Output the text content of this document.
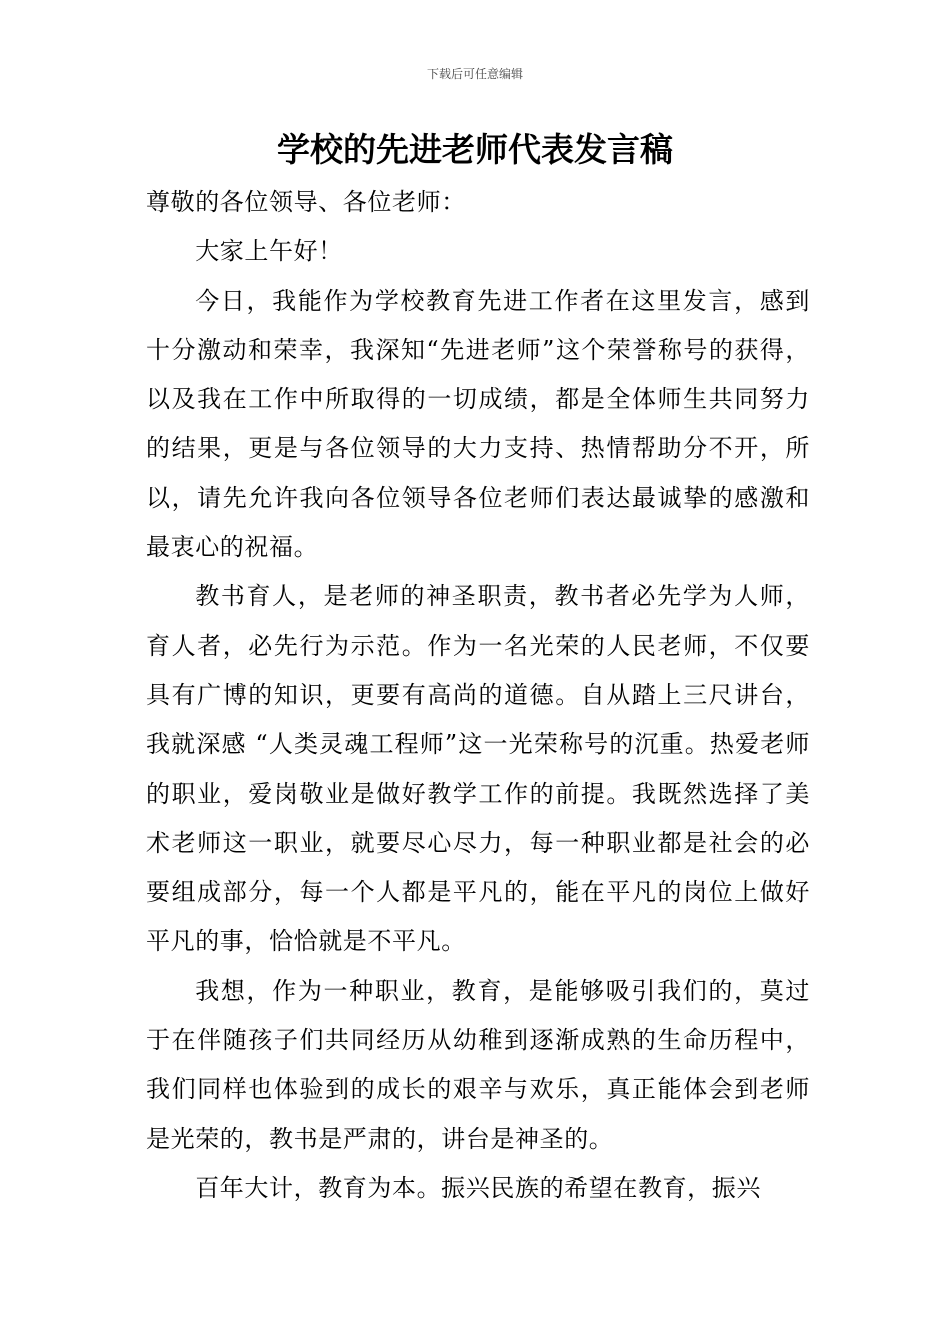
下载后可任意编辑
学校的先进老师代表发言稿

尊敬的各位领导、各位老师：

大家上午好！

今日，我能作为学校教育先进工作者在这里发言，感到十分激动和荣幸，我深知“先进老师”这个荣誉称号的获得，以及我在工作中所取得的一切成绩，都是全体师生共同努力的结果，更是与各位领导的大力支持、热情帮助分不开，所以，请先允许我向各位领导各位老师们表达最诚挚的感激和最衷心的祝福。

教书育人，是老师的神圣职责，教书者必先学为人师，育人者，必先行为示范。作为一名光荣的人民老师，不仅要具有广博的知识，更要有高尚的道德。自从踏上三尺讲台，我就深感 “人类灵魂工程师”这一光荣称号的沉重。热爱老师的职业，爱岗敬业是做好教学工作的前提。我既然选择了美术老师这一职业，就要尽心尽力，每一种职业都是社会的必要组成部分，每一个人都是平凡的，能在平凡的岗位上做好平凡的事，恰恰就是不平凡。

我想，作为一种职业，教育，是能够吸引我们的，莫过于在伴随孩子们共同经历从幼稚到逐渐成熟的生命历程中，我们同样也体验到的成长的艰辛与欢乐，真正能体会到老师是光荣的，教书是严肃的，讲台是神圣的。

百年大计，教育为本。振兴民族的希望在教育，振兴
